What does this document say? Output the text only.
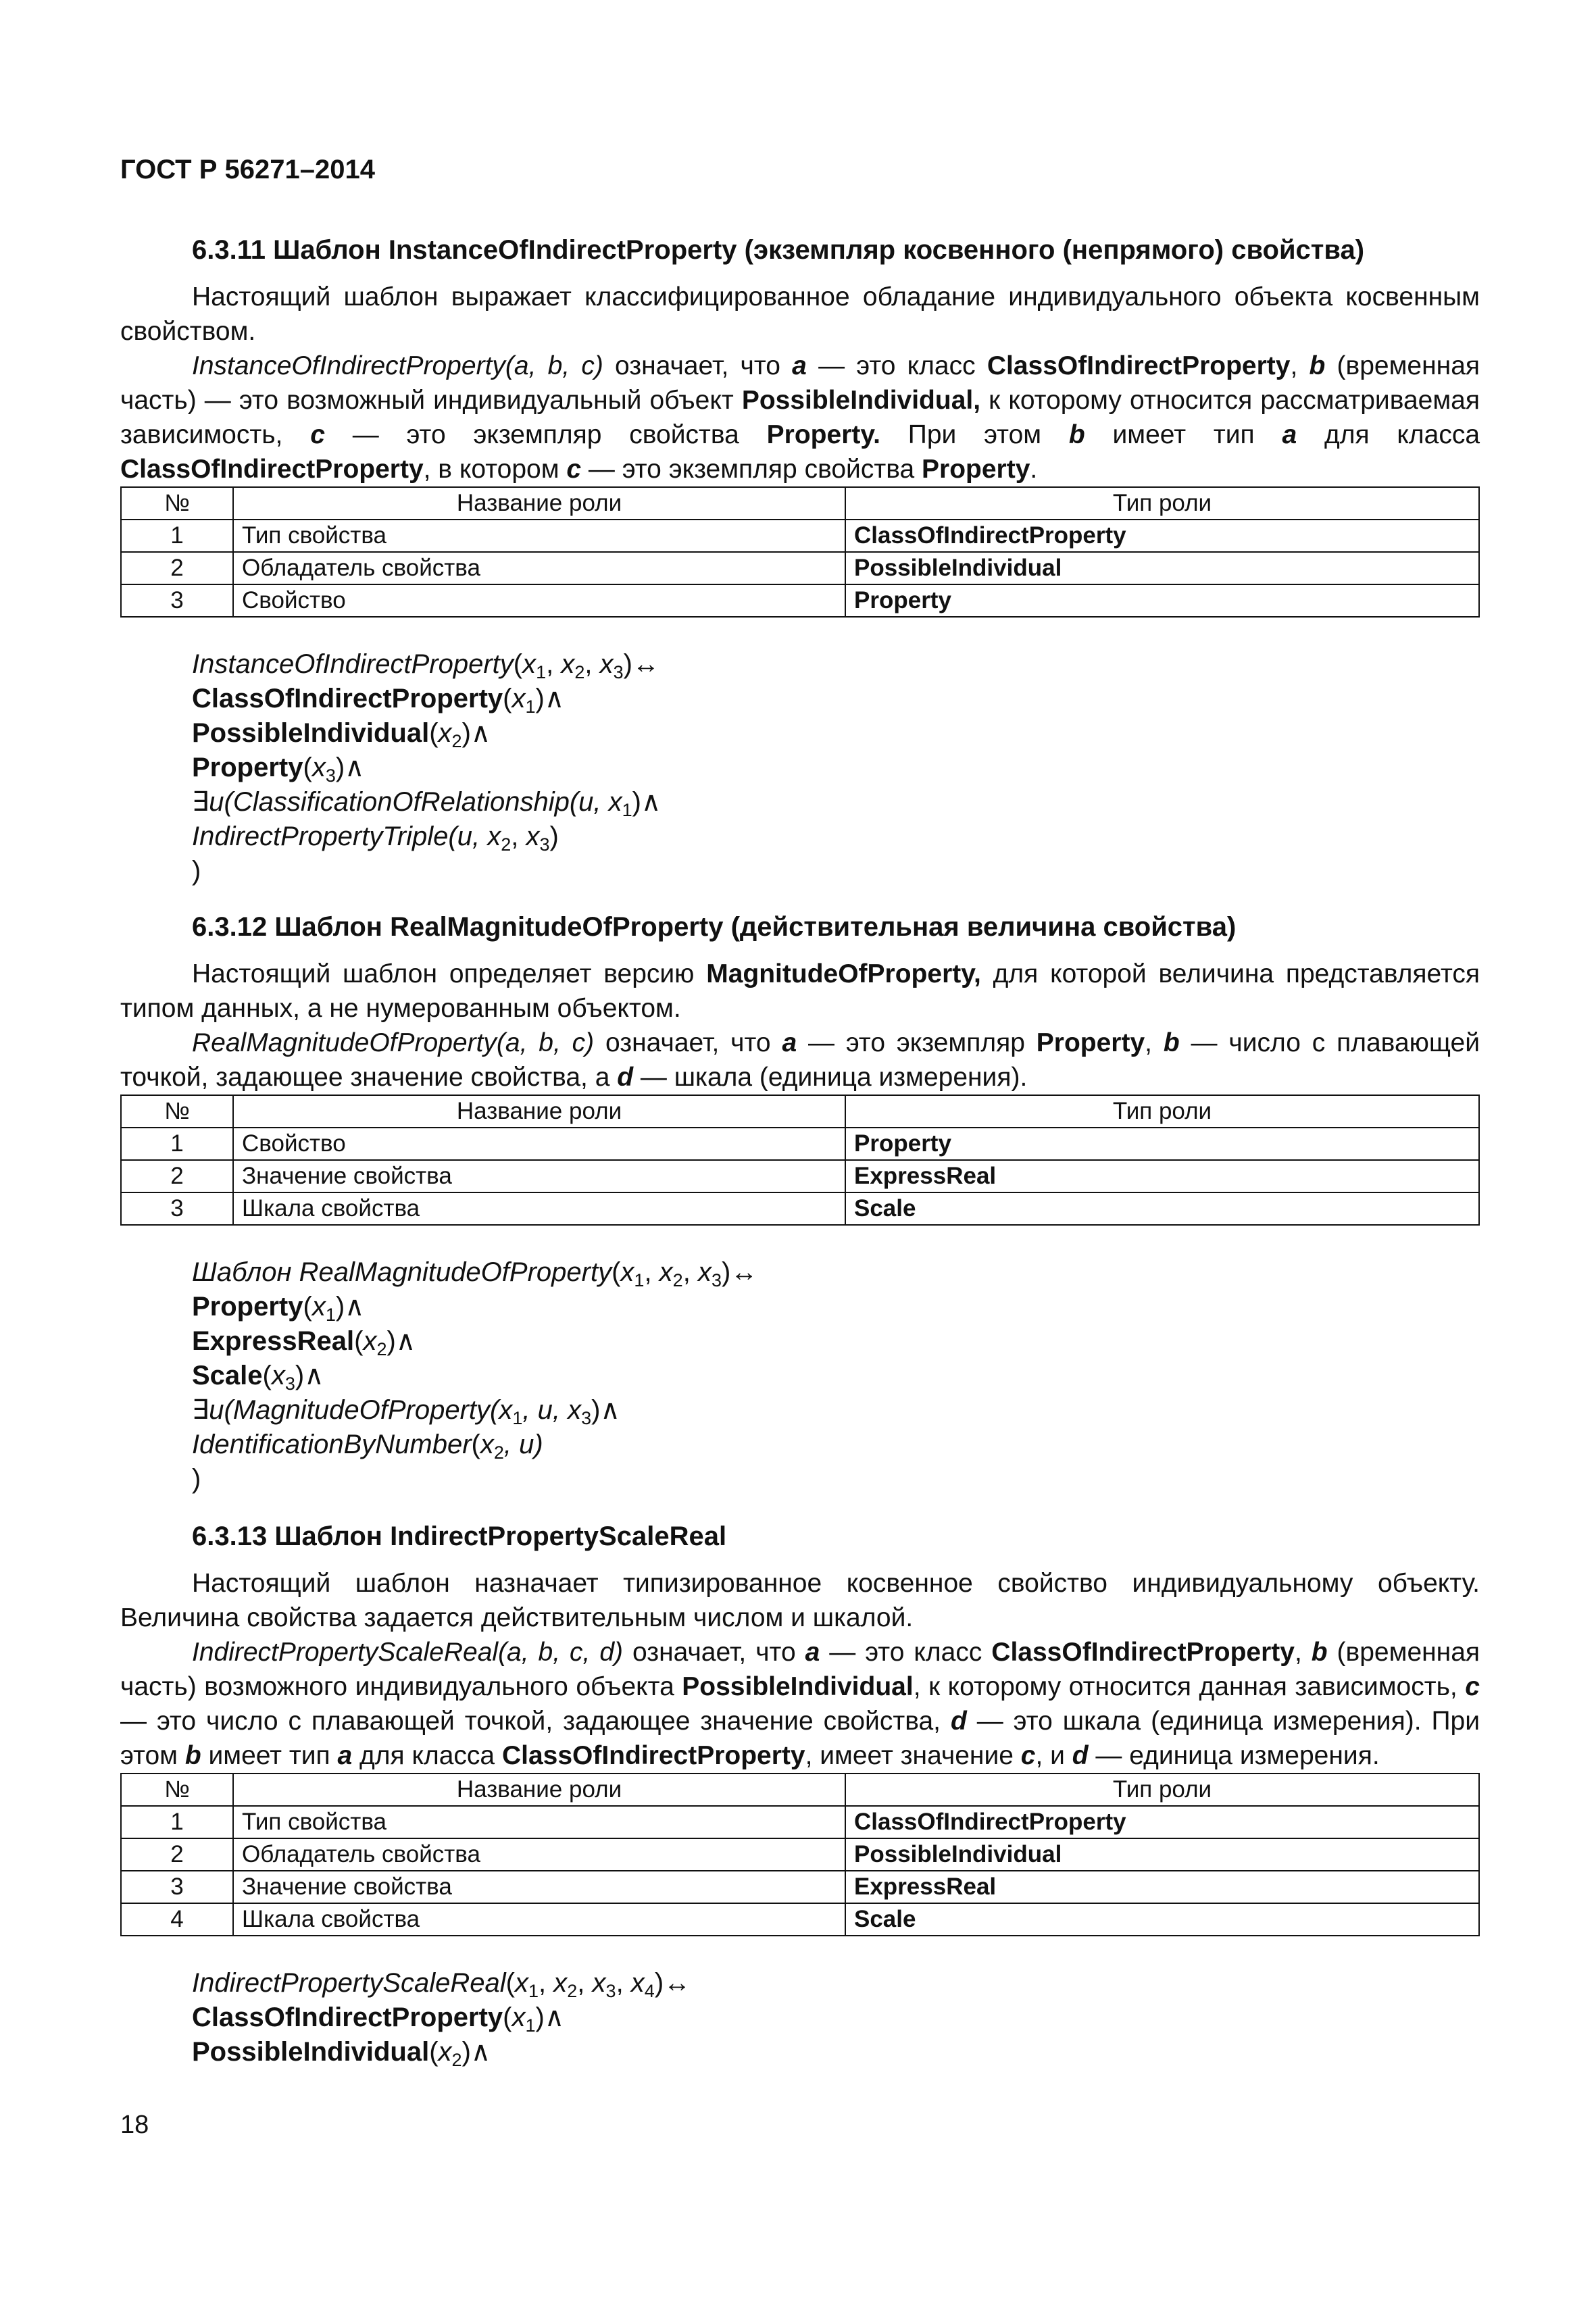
ГОСТ Р 56271–2014
6.3.11 Шаблон InstanceOfIndirectProperty (экземпляр косвенного (непрямого) свойства)

Настоящий шаблон выражает классифицированное обладание индивидуального объекта косвенным свойством.

InstanceOfIndirectProperty(a, b, c) означает, что a — это класс ClassOfIndirectProperty, b (временная часть) — это возможный индивидуальный объект PossibleIndividual, к которому относится рассматриваемая зависимость, c — это экземпляр свойства Property. При этом b имеет тип a для класса ClassOfIndirectProperty, в котором c — это экземпляр свойства Property.

№	Название роли	Тип роли
1	Тип свойства	ClassOfIndirectProperty
2	Обладатель свойства	PossibleIndividual
3	Свойство	Property
$InstanceOfIndirectProperty(x_1$, $x_2$, $x_3)\leftrightarrow$
$ClassOfIndirectProperty(x_1)\wedge$
$PossibleIndividual(x_2)\wedge$
$Property(x_3)\wedge$
∃u(ClassificationOfRelationship(u, $x_1)\wedge$
IndirectPropertyTriple(u, $x_2$, $x_3$)
)
6.3.12 Шаблон RealMagnitudeOfProperty (действительная величина свойства)

Настоящий шаблон определяет версию MagnitudeOfProperty, для которой величина представляется типом данных, а не нумерованным объектом.

RealMagnitudeOfProperty(a, b, c) означает, что a — это экземпляр Property, b — число с плавающей точкой, задающее значение свойства, а d — шкала (единица измерения).

№	Название роли	Тип роли
1	Свойство	Property
2	Значение свойства	ExpressReal
3	Шкала свойства	Scale
Шаблон $RealMagnitudeOfProperty(x_1$, $x_2$, $x_3)\leftrightarrow$
$Property(x_1)\wedge$
$ExpressReal(x_2)\wedge$
$Scale(x_3)\wedge$
$\exists u(MagnitudeOfProperty(x_1$, u, $x_3)\wedge$
$IdentificationByNumber(x_2$, u)
)
6.3.13 Шаблон IndirectPropertyScaleReal

Настоящий шаблон назначает типизированное косвенное свойство индивидуальному объекту. Величина свойства задается действительным числом и шкалой.

IndirectPropertyScaleReal(a, b, c, d) означает, что a — это класс ClassOfIndirectProperty, b (временная часть) возможного индивидуального объекта PossibleIndividual, к которому относится данная зависимость, c — это число с плавающей точкой, задающее значение свойства, d — это шкала (единица измерения). При этом b имеет тип a для класса ClassOfIndirectProperty, имеет значение c, и d — единица измерения.

№	Название роли	Тип роли
1	Тип свойства	ClassOfIndirectProperty
2	Обладатель свойства	PossibleIndividual
3	Значение свойства	ExpressReal
4	Шкала свойства	Scale
$IndirectPropertyScaleReal(x_1$, $x_2$, $x_3$, $x_4)\leftrightarrow$
$ClassOfIndirectProperty(x_1)\wedge$
$PossibleIndividual(x_2)\wedge$
18
